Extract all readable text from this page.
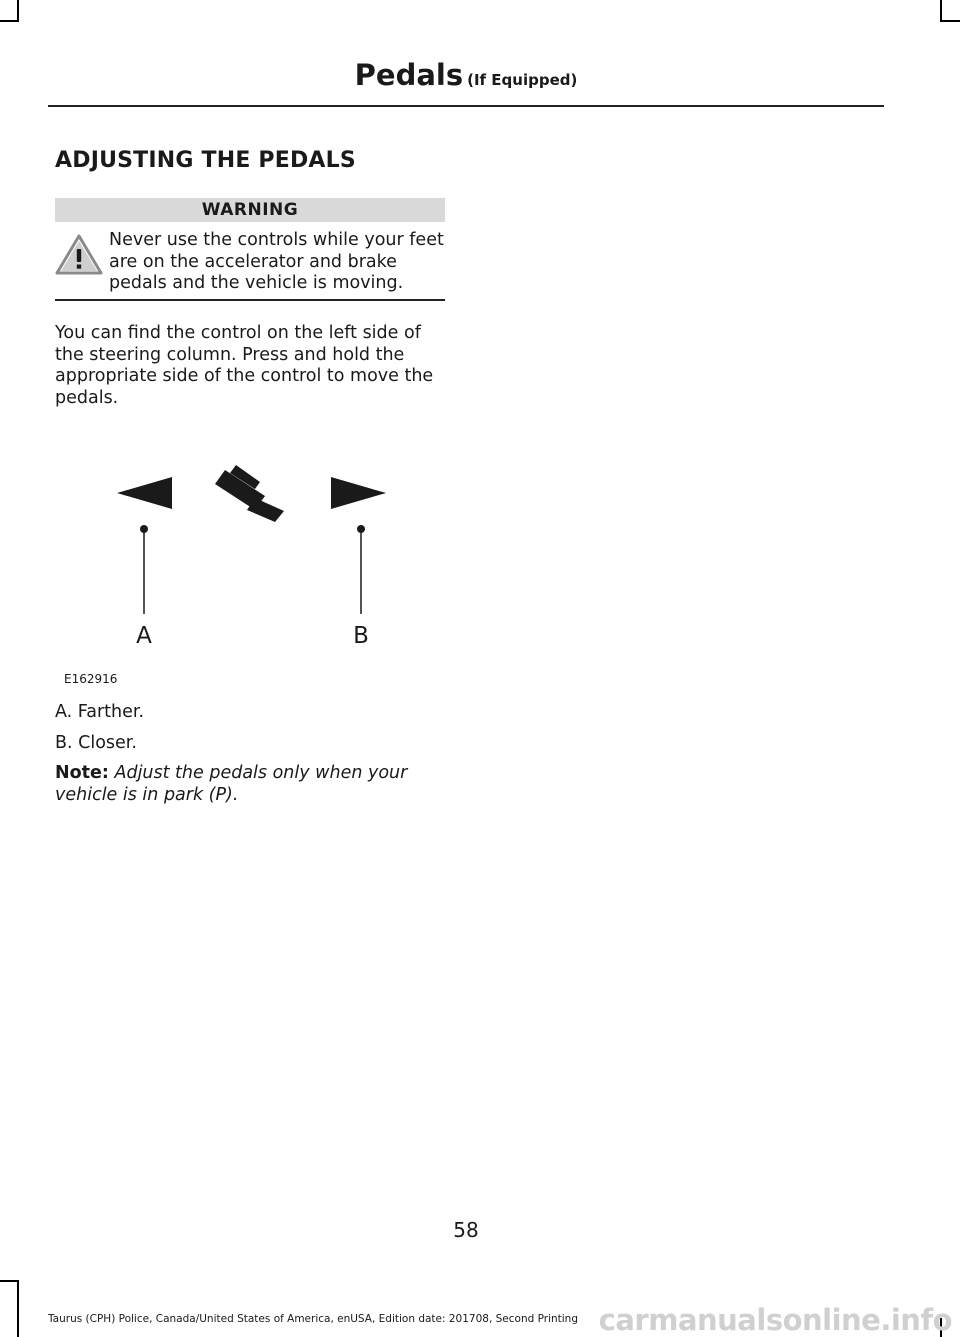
Pedals (If Equipped)
ADJUSTING THE PEDALS
WARNING

Never use the controls while your feet are on the accelerator and brake pedals and the vehicle is moving.

You can find the control on the left side of the steering column. Press and hold the appropriate side of the control to move the pedals.

A	B
E162916

A. Farther.

B. Closer.

Note: Adjust the pedals only when your vehicle is in park (P).

58
Taurus (CPH) Police, Canada/United States of America, enUSA, Edition date: 201708, Second Printing carmanualsonline.info
